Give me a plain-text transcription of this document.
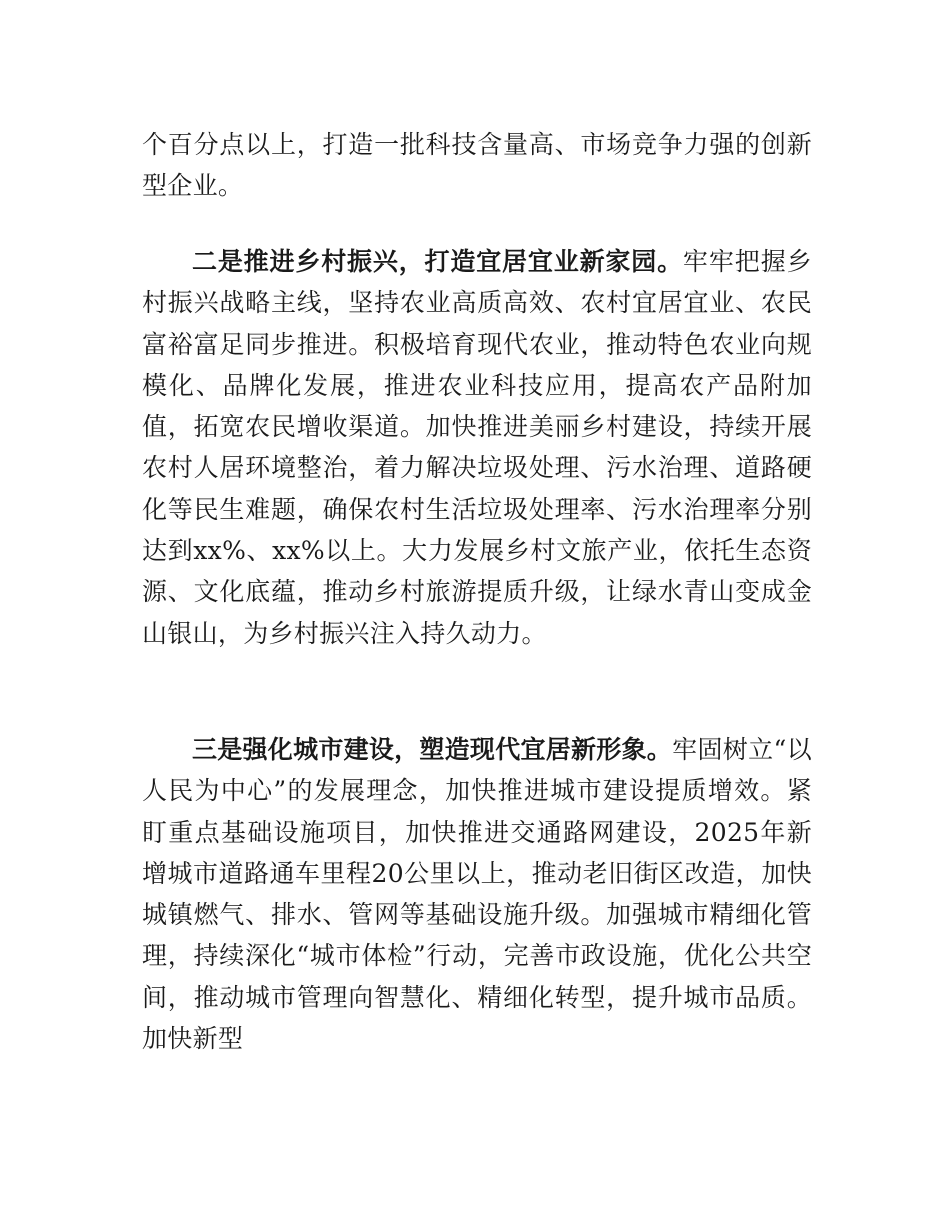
个百分点以上，打造一批科技含量高、市场竞争力强的创新型企业。

二是推进乡村振兴，打造宜居宜业新家园。牢牢把握乡村振兴战略主线，坚持农业高质高效、农村宜居宜业、农民富裕富足同步推进。积极培育现代农业，推动特色农业向规模化、品牌化发展，推进农业科技应用，提高农产品附加值，拓宽农民增收渠道。加快推进美丽乡村建设，持续开展农村人居环境整治，着力解决垃圾处理、污水治理、道路硬化等民生难题，确保农村生活垃圾处理率、污水治理率分别达到xx%、xx%以上。大力发展乡村文旅产业，依托生态资源、文化底蕴，推动乡村旅游提质升级，让绿水青山变成金山银山，为乡村振兴注入持久动力。

三是强化城市建设，塑造现代宜居新形象。牢固树立“以人民为中心”的发展理念，加快推进城市建设提质增效。紧盯重点基础设施项目，加快推进交通路网建设，2025年新增城市道路通车里程20公里以上，推动老旧街区改造，加快城镇燃气、排水、管网等基础设施升级。加强城市精细化管理，持续深化“城市体检”行动，完善市政设施，优化公共空间，推动城市管理向智慧化、精细化转型，提升城市品质。加快新型
